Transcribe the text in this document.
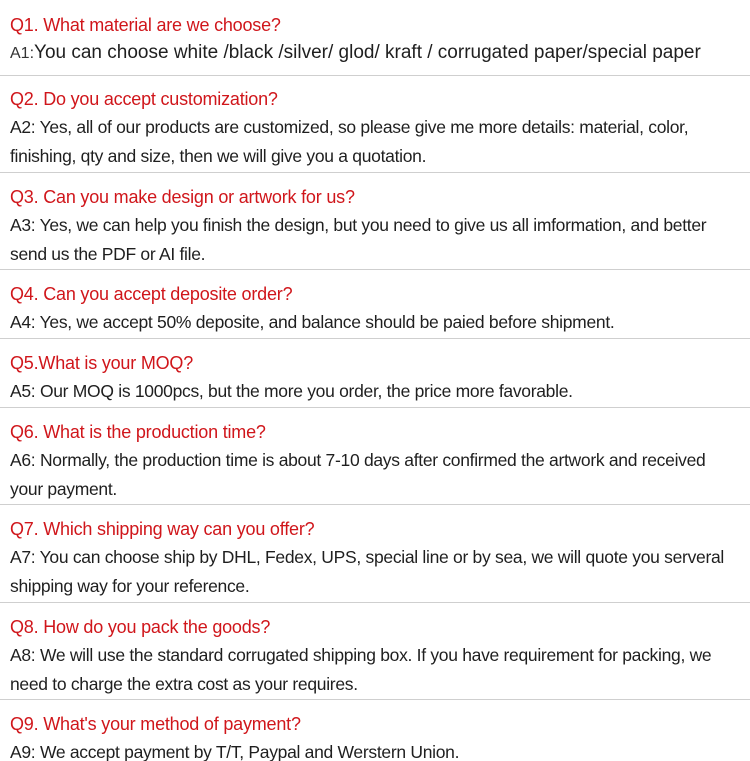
Q1. What material are we choose?
A1:You can choose white /black /silver/ glod/ kraft / corrugated paper/special paper
Q2. Do you accept customization?
A2: Yes, all of our products are customized, so please give me more details: material, color, finishing, qty and size, then we will give you a quotation.
Q3. Can you make design or artwork for us?
A3: Yes, we can help you finish the design, but you need to give us all imformation, and better send us the PDF or AI file.
Q4. Can you accept deposite order?
A4: Yes, we accept 50% deposite, and balance should be paied before shipment.
Q5.What is your MOQ?
A5: Our MOQ is 1000pcs, but the more you order, the price more favorable.
Q6. What is the production time?
A6: Normally, the production time is about 7-10 days after confirmed the artwork and received your payment.
Q7. Which shipping way can you offer?
A7: You can choose ship by DHL, Fedex, UPS, special line or by sea, we will quote you serveral shipping way for your reference.
Q8. How do you pack the goods?
A8: We will use the standard corrugated shipping box. If you have requirement for packing, we need to charge the extra cost as your requires.
Q9. What's your method of payment?
A9: We accept payment by T/T, Paypal and Werstern Union.
